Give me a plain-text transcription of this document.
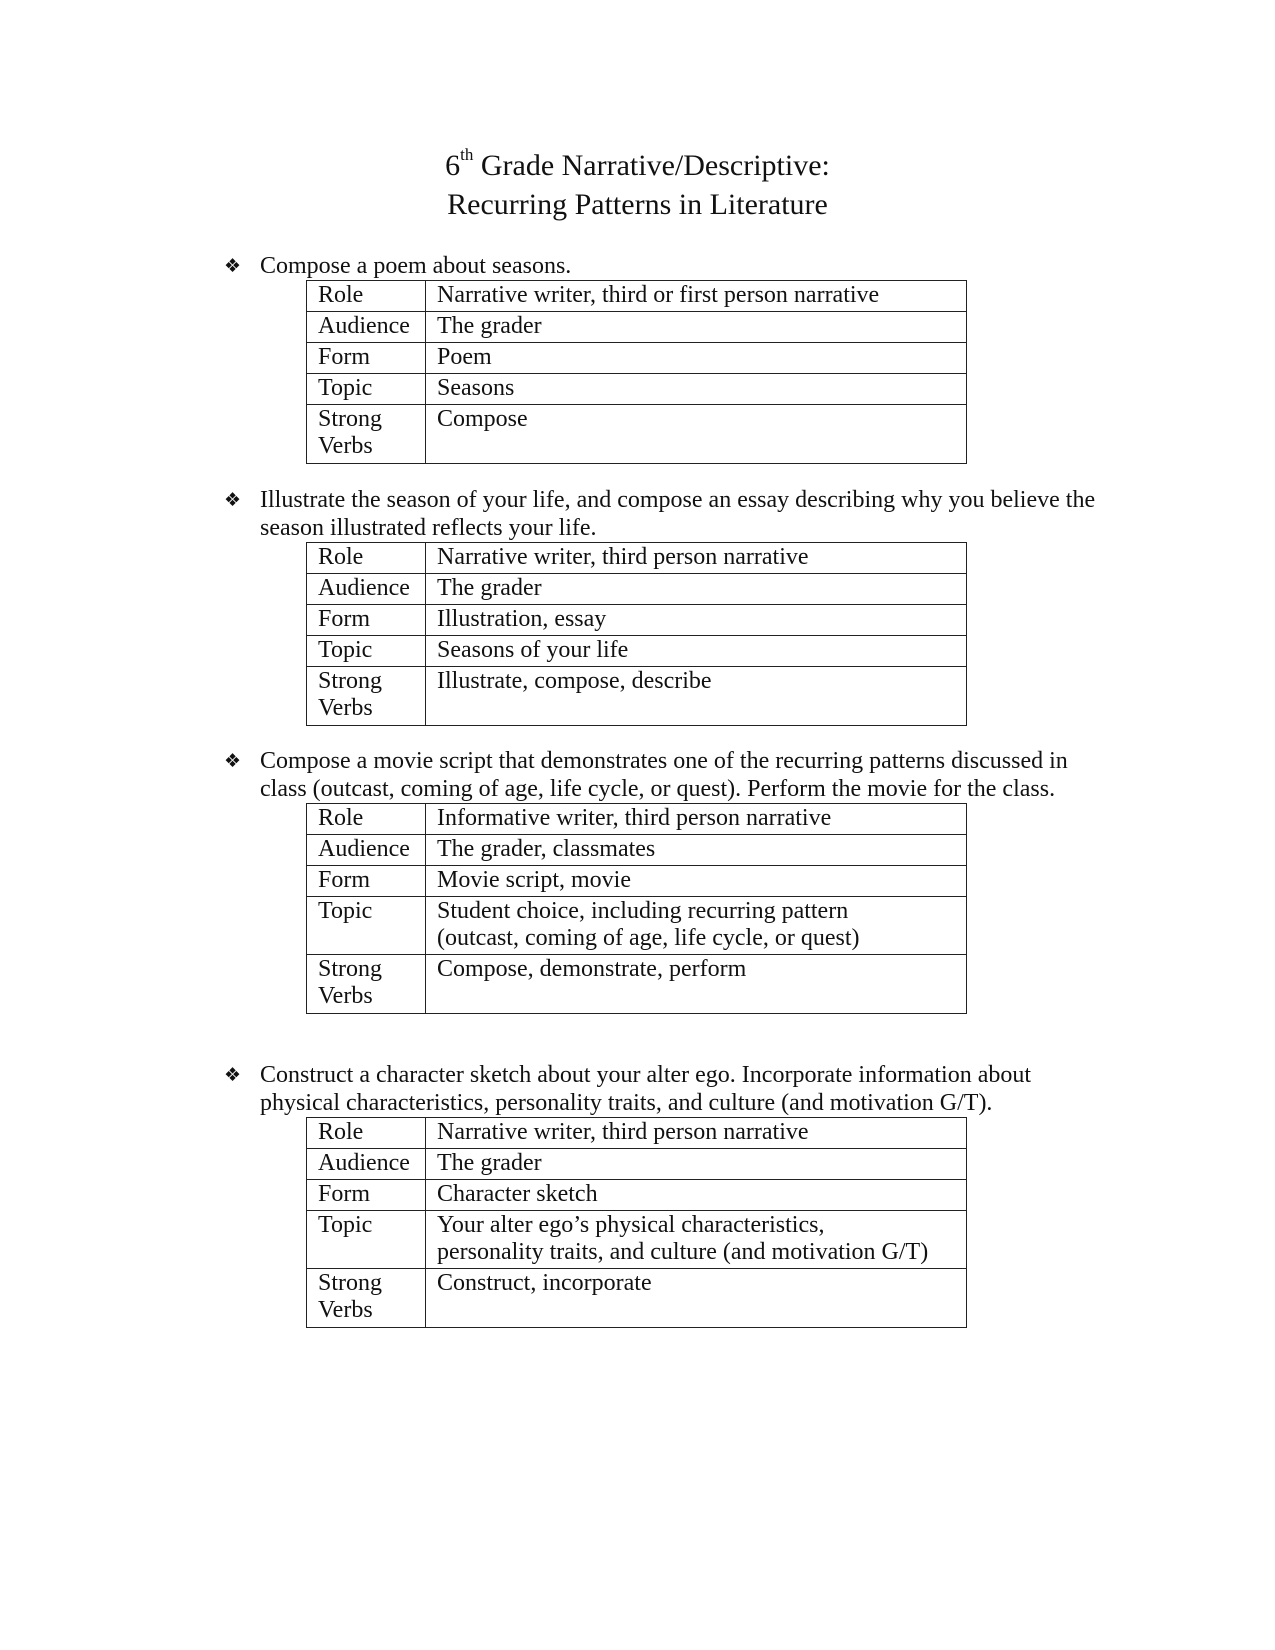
6th Grade Narrative/Descriptive:
Recurring Patterns in Literature
❖ Compose a poem about seasons.
Role	Narrative writer, third or first person narrative
Audience	The grader
Form	Poem
Topic	Seasons
Strong
Verbs	Compose
❖ Illustrate the season of your life, and compose an essay describing why you believe the season illustrated reflects your life.
Role	Narrative writer, third person narrative
Audience	The grader
Form	Illustration, essay
Topic	Seasons of your life
Strong
Verbs	Illustrate, compose, describe
❖ Compose a movie script that demonstrates one of the recurring patterns discussed in class (outcast, coming of age, life cycle, or quest). Perform the movie for the class.
Role	Informative writer, third person narrative
Audience	The grader, classmates
Form	Movie script, movie
Topic	Student choice, including recurring pattern
(outcast, coming of age, life cycle, or quest)
Strong
Verbs	Compose, demonstrate, perform
❖ Construct a character sketch about your alter ego. Incorporate information about physical characteristics, personality traits, and culture (and motivation G/T).
Role	Narrative writer, third person narrative
Audience	The grader
Form	Character sketch
Topic	Your alter ego’s physical characteristics,
personality traits, and culture (and motivation G/T)
Strong
Verbs	Construct, incorporate
